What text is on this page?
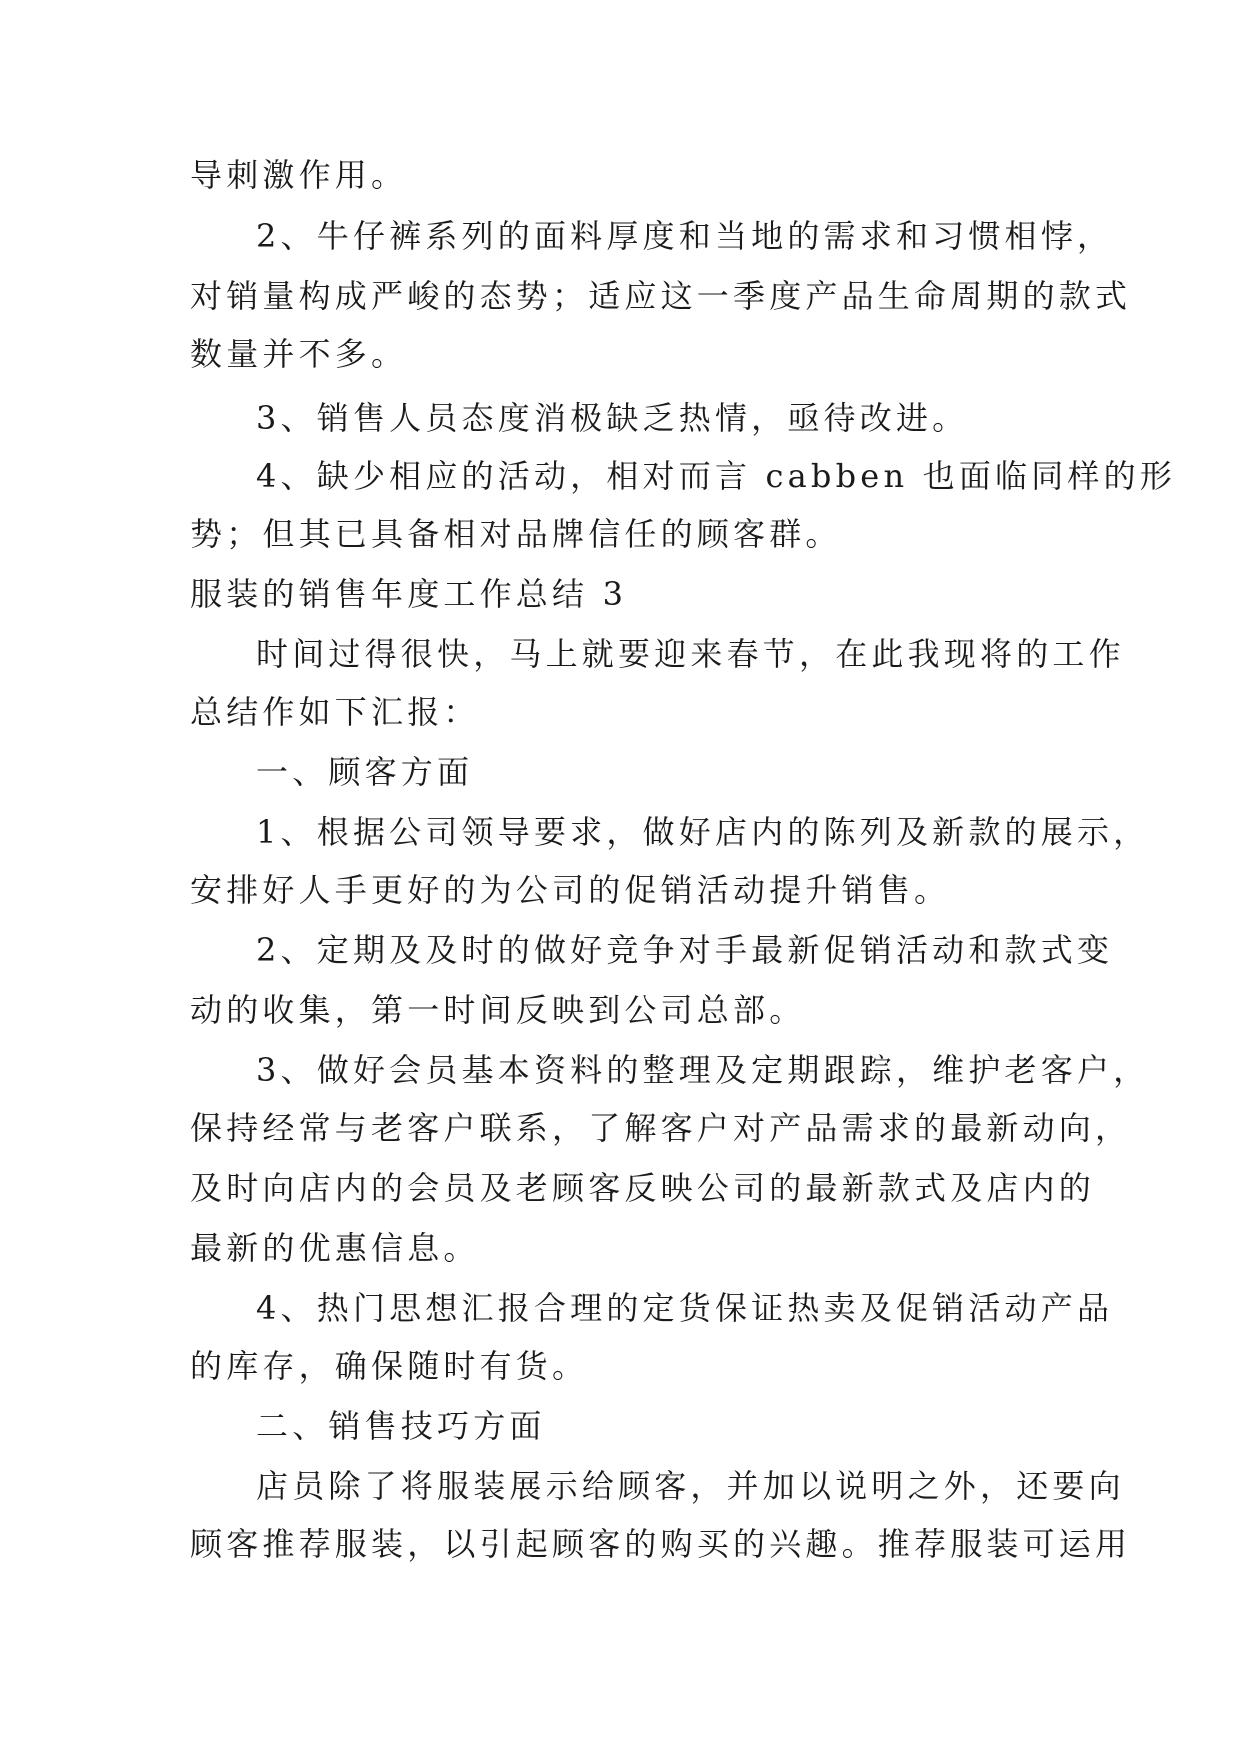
导刺激作用。
2、牛仔裤系列的面料厚度和当地的需求和习惯相悖，
对销量构成严峻的态势；适应这一季度产品生命周期的款式
数量并不多。
3、销售人员态度消极缺乏热情，亟待改进。
4、缺少相应的活动，相对而言 cabben 也面临同样的形
势；但其已具备相对品牌信任的顾客群。
服装的销售年度工作总结 3
时间过得很快，马上就要迎来春节，在此我现将的工作
总结作如下汇报：
一、顾客方面
1、根据公司领导要求，做好店内的陈列及新款的展示，
安排好人手更好的为公司的促销活动提升销售。
2、定期及及时的做好竞争对手最新促销活动和款式变
动的收集，第一时间反映到公司总部。
3、做好会员基本资料的整理及定期跟踪，维护老客户，
保持经常与老客户联系，了解客户对产品需求的最新动向，
及时向店内的会员及老顾客反映公司的最新款式及店内的
最新的优惠信息。
4、热门思想汇报合理的定货保证热卖及促销活动产品
的库存，确保随时有货。
二、销售技巧方面
店员除了将服装展示给顾客，并加以说明之外，还要向
顾客推荐服装，以引起顾客的购买的兴趣。推荐服装可运用
